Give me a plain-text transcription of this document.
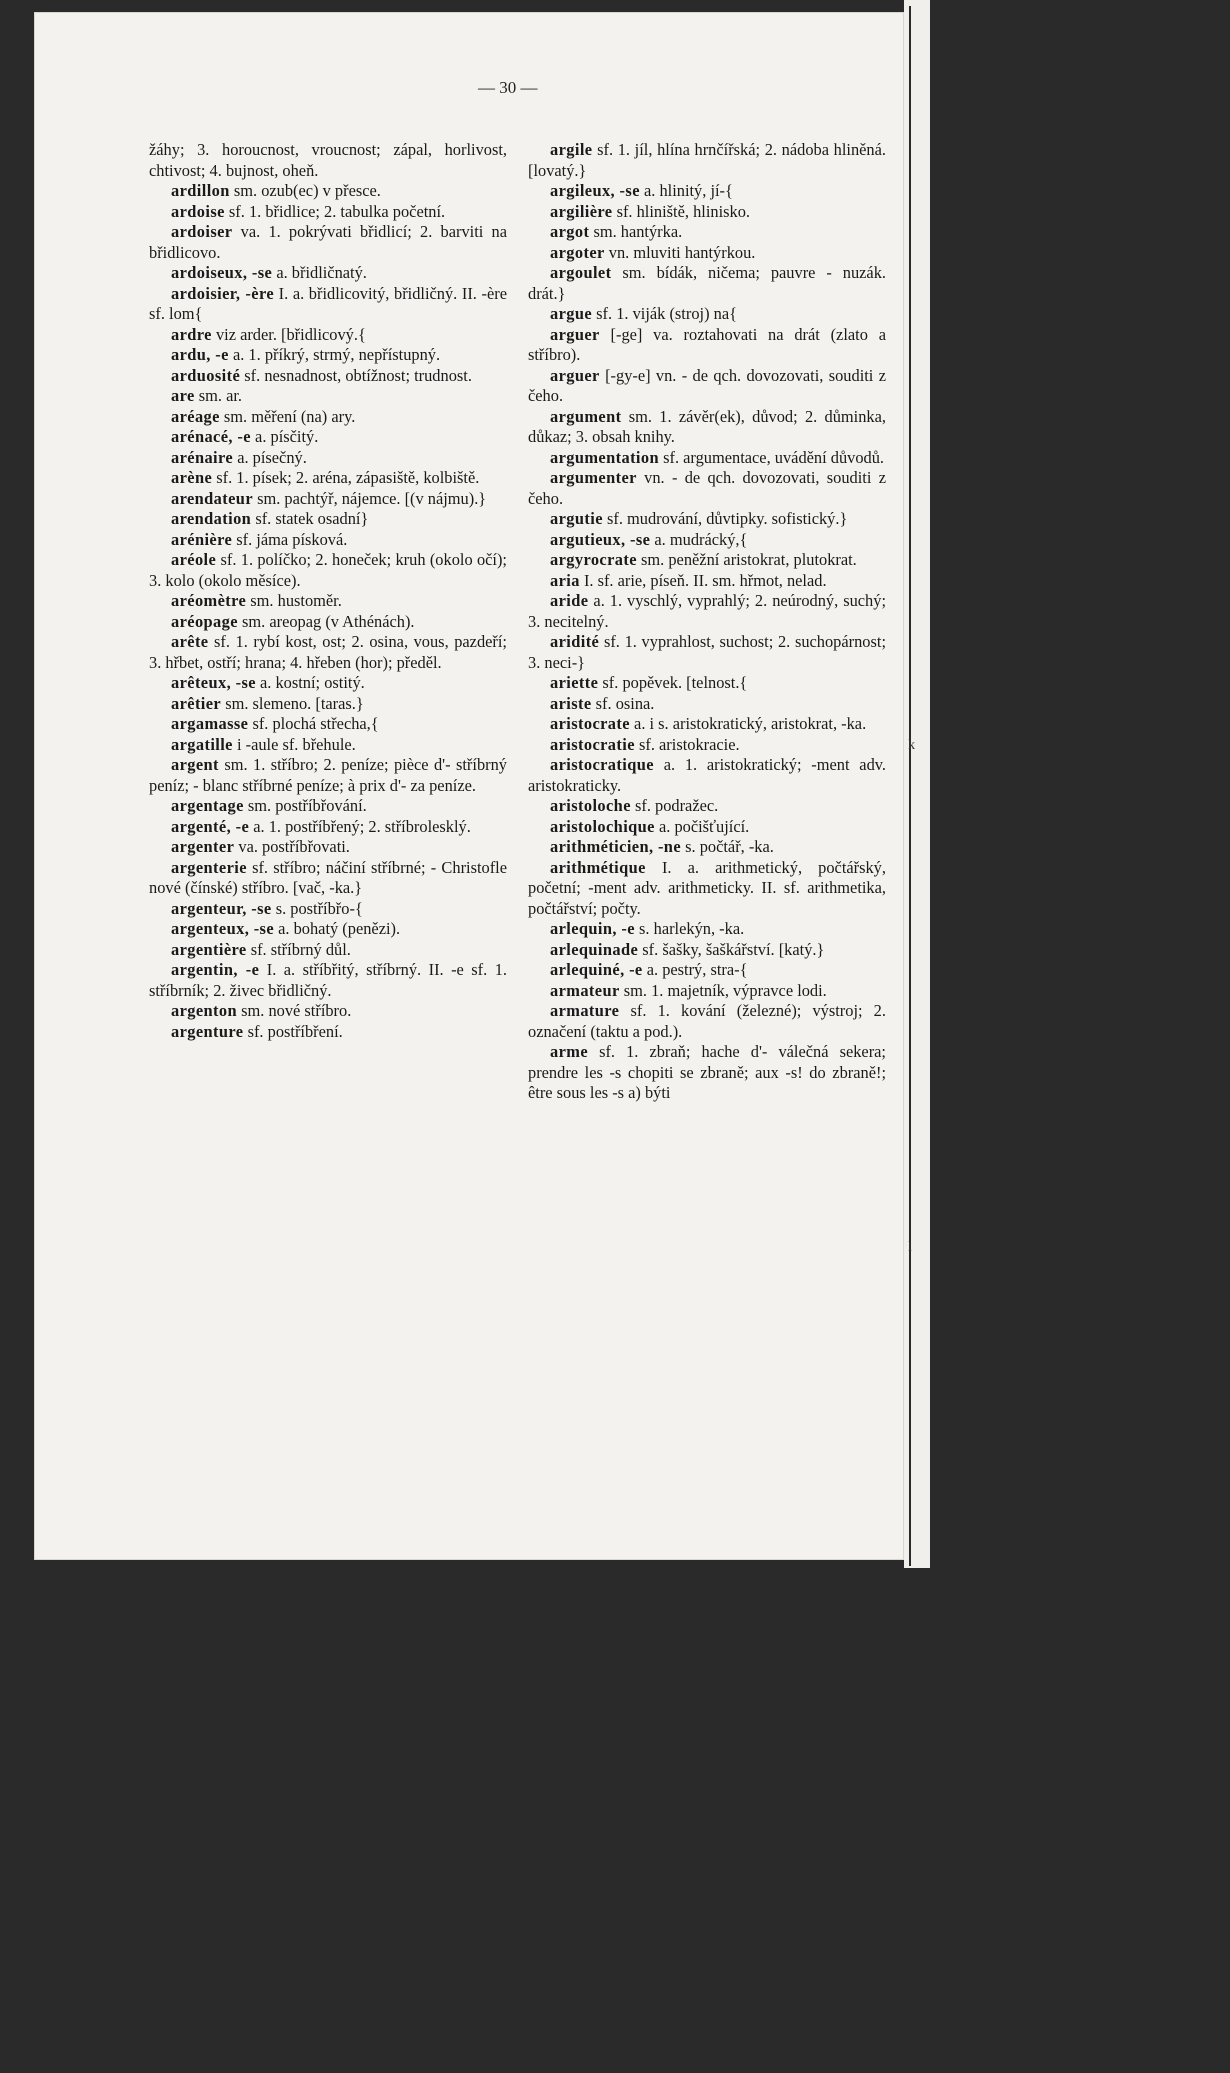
— 30 —

žáhy; 3. horoucnost, vroucnost; zápal, horlivost, chtivost; 4. bujnost, oheň.

ardillon sm. ozub(ec) v přesce.

ardoise sf. 1. břidlice; 2. tabulka početní.

ardoiser va. 1. pokrývati břidlicí; 2. barviti na břidlicovo.

ardoiseux, -se a. břidličnatý.

ardoisier, -ère I. a. břidlicovitý, břidličný. II. -ère sf. lom{

ardre viz arder. [břidlicový.{

ardu, -e a. 1. příkrý, strmý, nepřístupný.

arduosité sf. nesnadnost, obtížnost; trudnost.

are sm. ar.

aréage sm. měření (na) ary.

arénacé, -e a. písčitý.

arénaire a. písečný.

arène sf. 1. písek; 2. aréna, zápasiště, kolbiště.

arendateur sm. pachtýř, nájemce. [(v nájmu).}

arendation sf. statek osadní}

arénière sf. jáma písková.

aréole sf. 1. políčko; 2. honeček; kruh (okolo očí); 3. kolo (okolo měsíce).

aréomètre sm. hustoměr.

aréopage sm. areopag (v Athénách).

arête sf. 1. rybí kost, ost; 2. osina, vous, pazdeří; 3. hřbet, ostří; hrana; 4. hřeben (hor); předěl.

arêteux, -se a. kostní; ostitý.

arêtier sm. slemeno. [taras.}

argamasse sf. plochá střecha,{

argatille i -aule sf. břehule.

argent sm. 1. stříbro; 2. peníze; pièce d'- stříbrný peníz; - blanc stříbrné peníze; à prix d'- za peníze.

argentage sm. postříbřování.

argenté, -e a. 1. postříbřený; 2. stříbrolesklý.

argenter va. postříbřovati.

argenterie sf. stříbro; náčiní stříbrné; - Christofle nové (čínské) stříbro. [vač, -ka.}

argenteur, -se s. postříbřo-{

argenteux, -se a. bohatý (penězi).

argentière sf. stříbrný důl.

argentin, -e I. a. stříbřitý, stříbrný. II. -e sf. 1. stříbrník; 2. živec břidličný.

argenton sm. nové stříbro.

argenture sf. postříbření.

argile sf. 1. jíl, hlína hrnčířská; 2. nádoba hliněná. [lovatý.}

argileux, -se a. hlinitý, jí-{

argilière sf. hliniště, hlinisko.

argot sm. hantýrka.

argoter vn. mluviti hantýrkou.

argoulet sm. bídák, ničema; pauvre - nuzák. drát.}

argue sf. 1. viják (stroj) na{

arguer [-ge] va. roztahovati na drát (zlato a stříbro).

arguer [-gy-e] vn. - de qch. dovozovati, souditi z čeho.

argument sm. 1. závěr(ek), důvod; 2. důminka, důkaz; 3. obsah knihy.

argumentation sf. argumentace, uvádění důvodů.

argumenter vn. - de qch. dovozovati, souditi z čeho.

argutie sf. mudrování, důvtipky. sofistický.}

argutieux, -se a. mudrácký,{

argyrocrate sm. peněžní aristokrat, plutokrat.

aria I. sf. arie, píseň. II. sm. hřmot, nelad.

aride a. 1. vyschlý, vyprahlý; 2. neúrodný, suchý; 3. necitelný.

aridité sf. 1. vyprahlost, suchost; 2. suchopárnost; 3. neci-}

ariette sf. popěvek. [telnost.{

ariste sf. osina.

aristocrate a. i s. aristokratický, aristokrat, -ka.

aristocratie sf. aristokracie.

aristocratique a. 1. aristokratický; -ment adv. aristokraticky.

aristoloche sf. podražec.

aristolochique a. počišťující.

arithméticien, -ne s. počtář, -ka.

arithmétique I. a. arithmetický, počtářský, početní; -ment adv. arithmeticky. II. sf. arithmetika, počtářství; počty.

arlequin, -e s. harlekýn, -ka.

arlequinade sf. šašky, šaškářství. [katý.}

arlequiné, -e a. pestrý, stra-{

armateur sm. 1. majetník, výpravce lodi.

armature sf. 1. kování (železné); výstroj; 2. označení (taktu a pod.).

arme sf. 1. zbraň; hache d'- válečná sekera; prendre les -s chopiti se zbraně; aux -s! do zbraně!; être sous les -s a) býti

k
l
